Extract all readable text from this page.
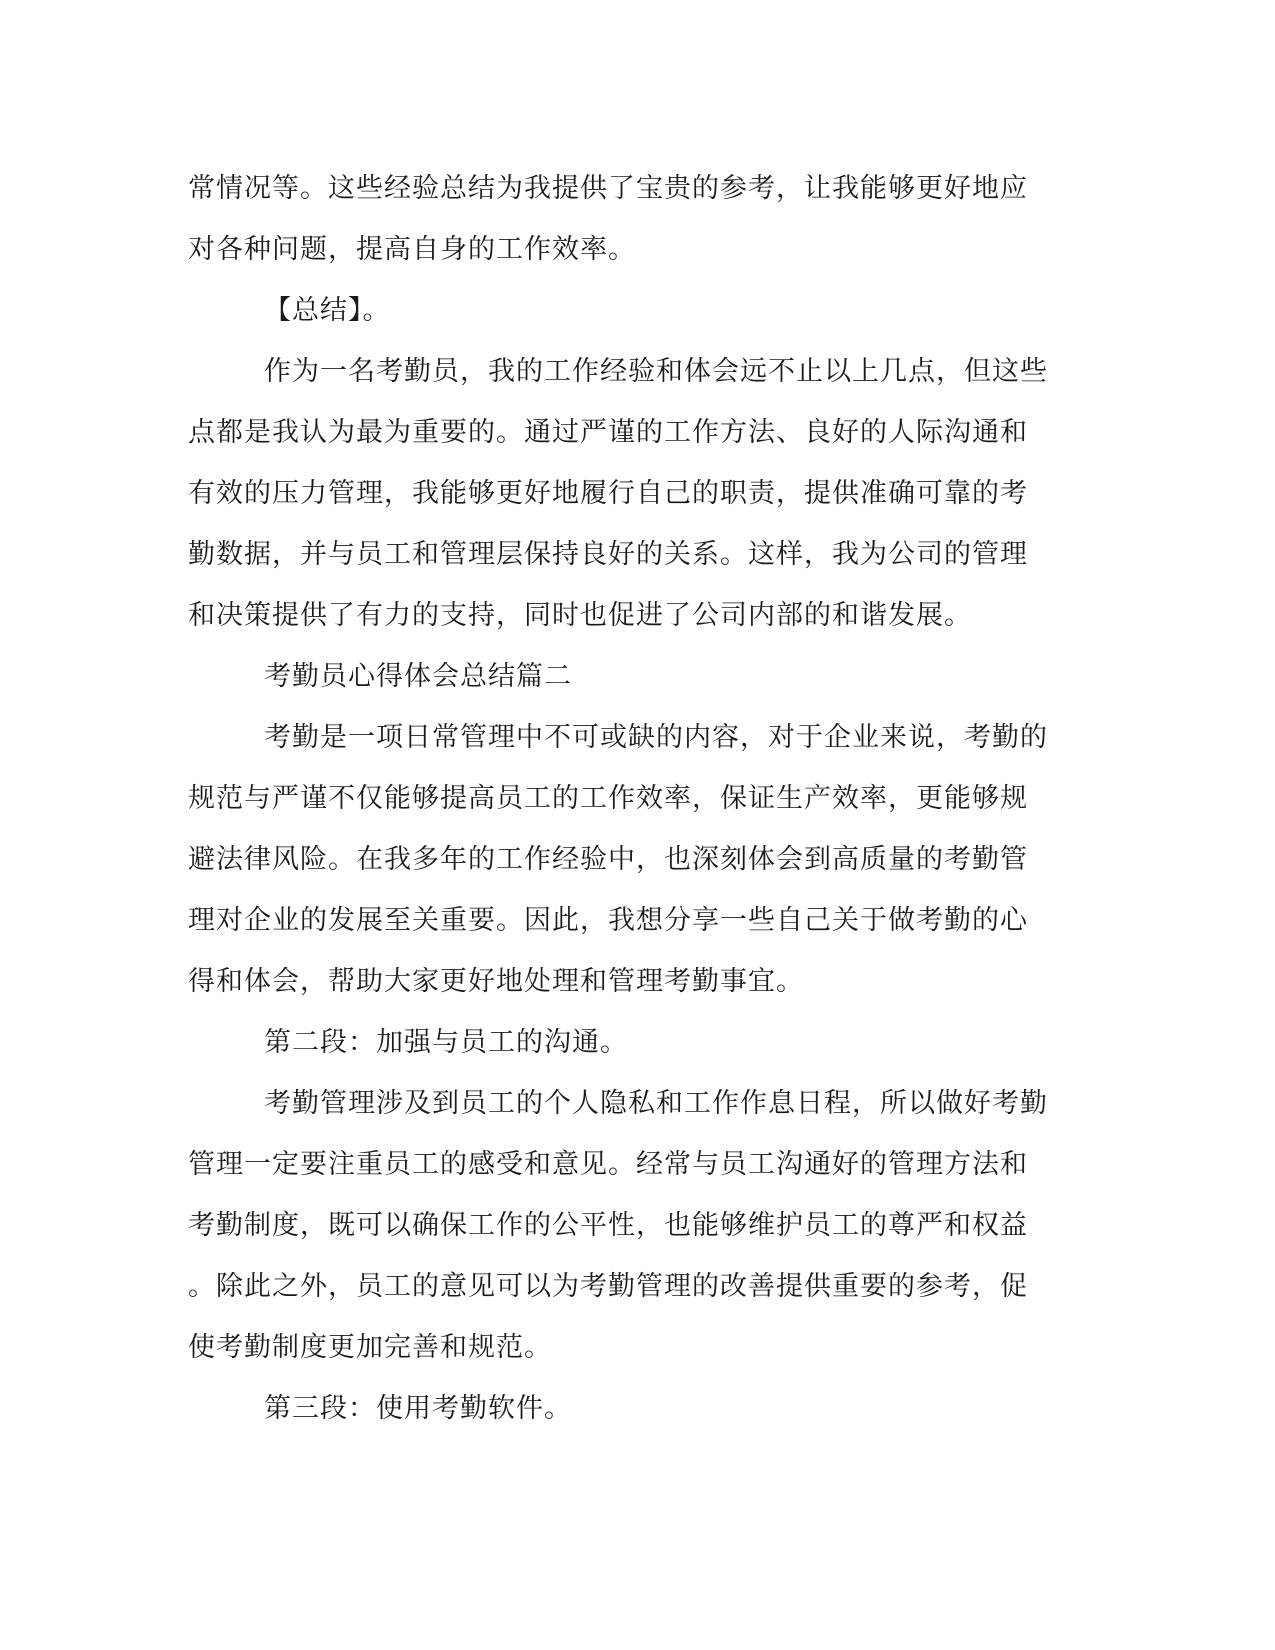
常情况等。这些经验总结为我提供了宝贵的参考，让我能够更好地应
对各种问题，提高自身的工作效率。
【总结】。
作为一名考勤员，我的工作经验和体会远不止以上几点，但这些
点都是我认为最为重要的。通过严谨的工作方法、良好的人际沟通和
有效的压力管理，我能够更好地履行自己的职责，提供准确可靠的考
勤数据，并与员工和管理层保持良好的关系。这样，我为公司的管理
和决策提供了有力的支持，同时也促进了公司内部的和谐发展。
考勤员心得体会总结篇二
考勤是一项日常管理中不可或缺的内容，对于企业来说，考勤的
规范与严谨不仅能够提高员工的工作效率，保证生产效率，更能够规
避法律风险。在我多年的工作经验中，也深刻体会到高质量的考勤管
理对企业的发展至关重要。因此，我想分享一些自己关于做考勤的心
得和体会，帮助大家更好地处理和管理考勤事宜。
第二段：加强与员工的沟通。
考勤管理涉及到员工的个人隐私和工作作息日程，所以做好考勤
管理一定要注重员工的感受和意见。经常与员工沟通好的管理方法和
考勤制度，既可以确保工作的公平性，也能够维护员工的尊严和权益
。除此之外，员工的意见可以为考勤管理的改善提供重要的参考，促
使考勤制度更加完善和规范。
第三段：使用考勤软件。
